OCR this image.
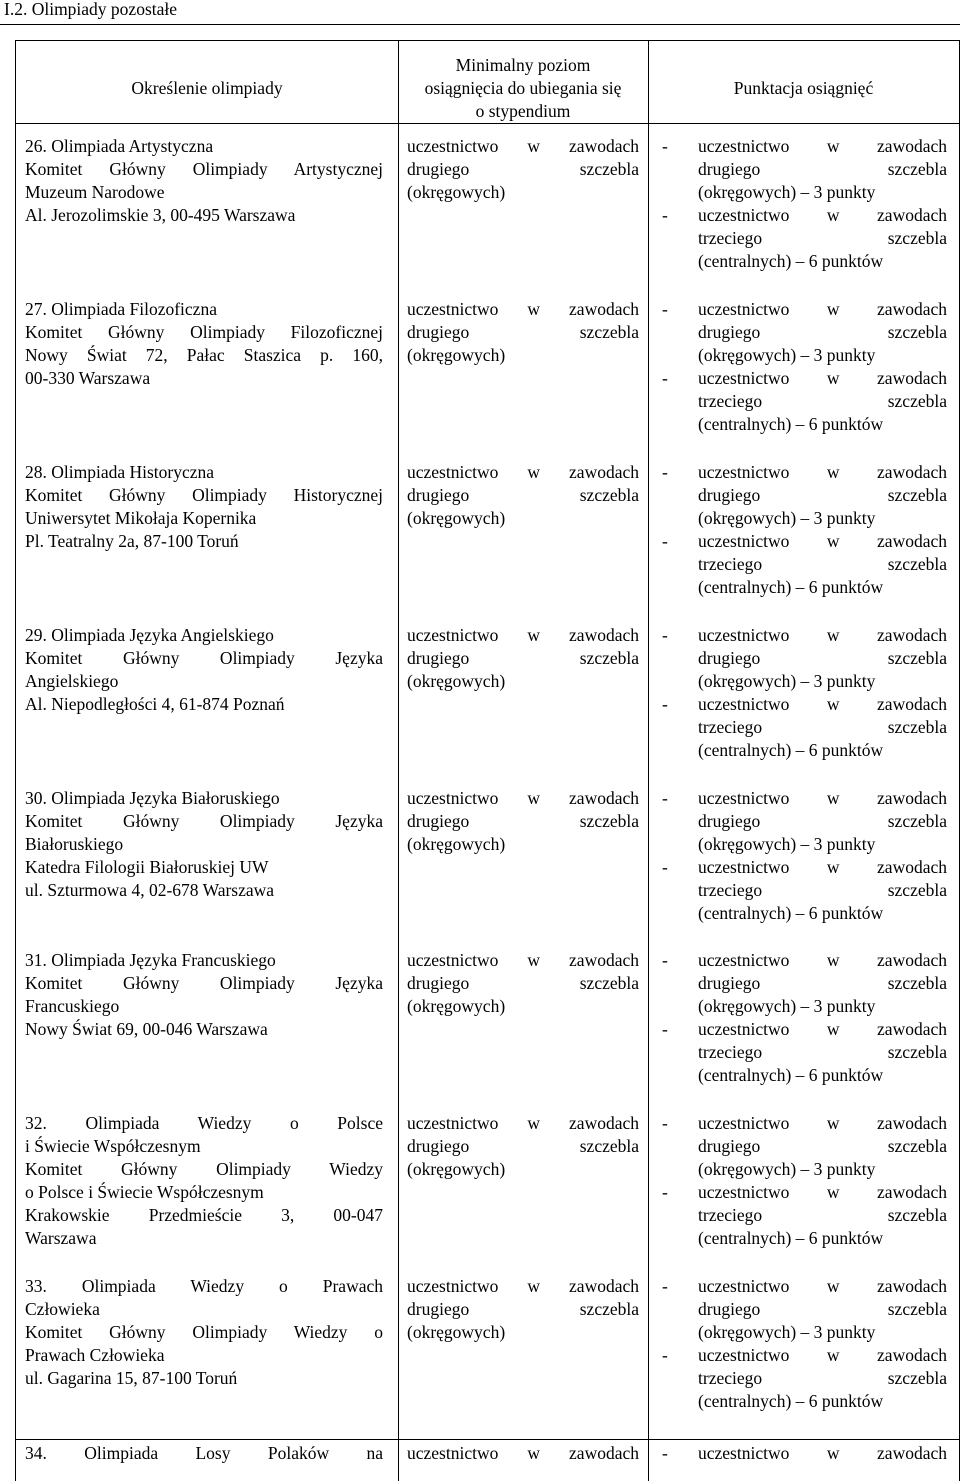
I.2. Olimpiady pozostałe
Określenie olimpiady
Minimalny poziom
osiągnięcia do ubiegania się
o stypendium
Punktacja osiągnięć
26. Olimpiada Artystyczna
Komitet Główny Olimpiady Artystycznej
Muzeum Narodowe
Al. Jerozolimskie 3, 00-495 Warszawa
uczestnictwo w zawodach
drugiego szczebla
(okręgowych)
- uczestnictwo w zawodach
drugiego szczebla
(okręgowych) – 3 punkty
- uczestnictwo w zawodach
trzeciego szczebla
(centralnych) – 6 punktów
27. Olimpiada Filozoficzna
Komitet Główny Olimpiady Filozoficznej
Nowy Świat 72, Pałac Staszica p. 160,
00-330 Warszawa
uczestnictwo w zawodach
drugiego szczebla
(okręgowych)
- uczestnictwo w zawodach
drugiego szczebla
(okręgowych) – 3 punkty
- uczestnictwo w zawodach
trzeciego szczebla
(centralnych) – 6 punktów
28. Olimpiada Historyczna
Komitet Główny Olimpiady Historycznej
Uniwersytet Mikołaja Kopernika
Pl. Teatralny 2a, 87-100 Toruń
uczestnictwo w zawodach
drugiego szczebla
(okręgowych)
- uczestnictwo w zawodach
drugiego szczebla
(okręgowych) – 3 punkty
- uczestnictwo w zawodach
trzeciego szczebla
(centralnych) – 6 punktów
29. Olimpiada Języka Angielskiego
Komitet Główny Olimpiady Języka
Angielskiego
Al. Niepodległości 4, 61-874 Poznań
uczestnictwo w zawodach
drugiego szczebla
(okręgowych)
- uczestnictwo w zawodach
drugiego szczebla
(okręgowych) – 3 punkty
- uczestnictwo w zawodach
trzeciego szczebla
(centralnych) – 6 punktów
30. Olimpiada Języka Białoruskiego
Komitet Główny Olimpiady Języka
Białoruskiego
Katedra Filologii Białoruskiej UW
ul. Szturmowa 4, 02-678 Warszawa
uczestnictwo w zawodach
drugiego szczebla
(okręgowych)
- uczestnictwo w zawodach
drugiego szczebla
(okręgowych) – 3 punkty
- uczestnictwo w zawodach
trzeciego szczebla
(centralnych) – 6 punktów
31. Olimpiada Języka Francuskiego
Komitet Główny Olimpiady Języka
Francuskiego
Nowy Świat 69, 00-046 Warszawa
uczestnictwo w zawodach
drugiego szczebla
(okręgowych)
- uczestnictwo w zawodach
drugiego szczebla
(okręgowych) – 3 punkty
- uczestnictwo w zawodach
trzeciego szczebla
(centralnych) – 6 punktów
32. Olimpiada Wiedzy o Polsce
i Świecie Współczesnym
Komitet Główny Olimpiady Wiedzy
o Polsce i Świecie Współczesnym
Krakowskie Przedmieście 3, 00-047
Warszawa
uczestnictwo w zawodach
drugiego szczebla
(okręgowych)
- uczestnictwo w zawodach
drugiego szczebla
(okręgowych) – 3 punkty
- uczestnictwo w zawodach
trzeciego szczebla
(centralnych) – 6 punktów
33. Olimpiada Wiedzy o Prawach
Człowieka
Komitet Główny Olimpiady Wiedzy o
Prawach Człowieka
ul. Gagarina 15, 87-100 Toruń
uczestnictwo w zawodach
drugiego szczebla
(okręgowych)
- uczestnictwo w zawodach
drugiego szczebla
(okręgowych) – 3 punkty
- uczestnictwo w zawodach
trzeciego szczebla
(centralnych) – 6 punktów
34. Olimpiada Losy Polaków na uczestnictwo w zawodach
-	uczestnictwo w zawodach
